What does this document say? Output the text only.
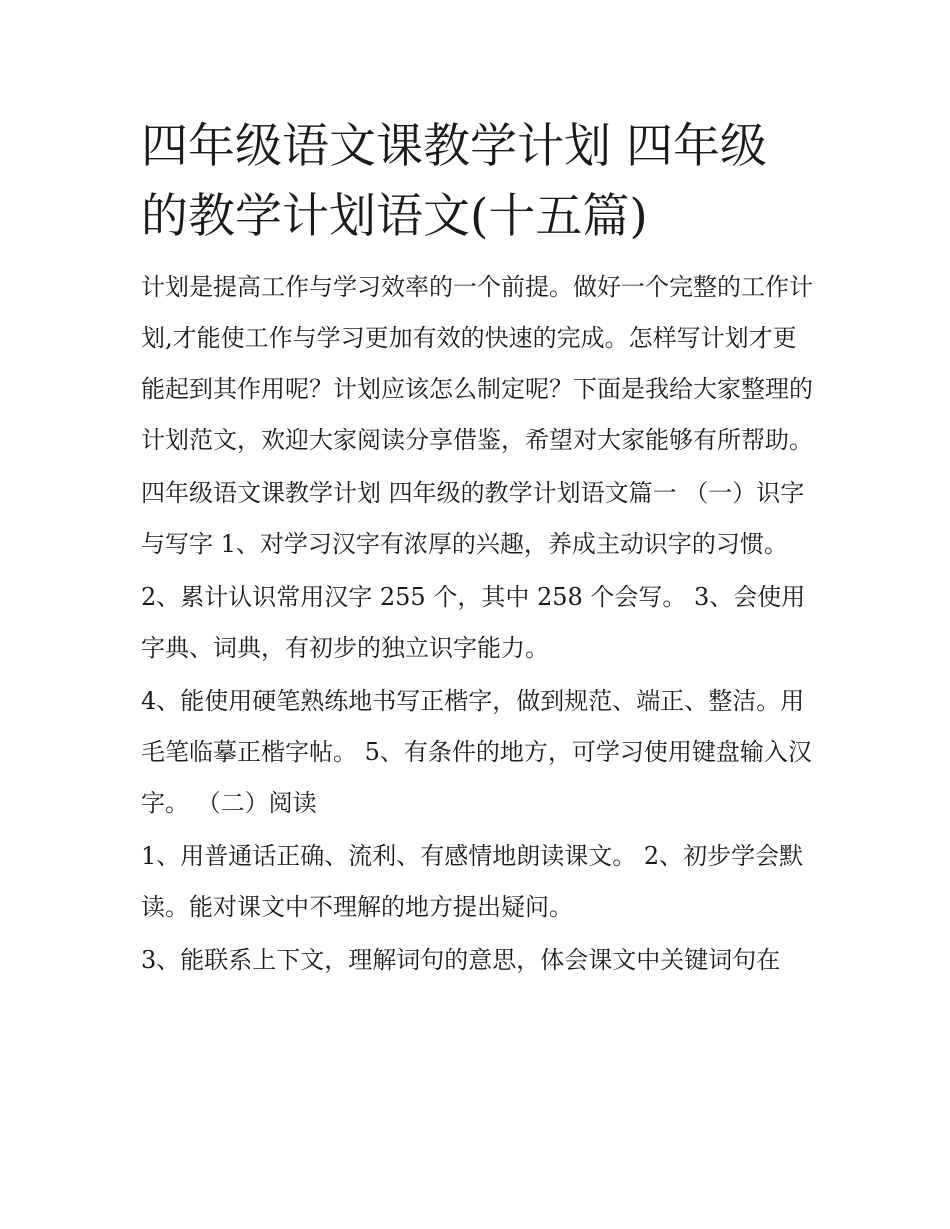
四年级语文课教学计划 四年级的教学计划语文(十五篇)

计划是提高工作与学习效率的一个前提。做好一个完整的工作计划,才能使工作与学习更加有效的快速的完成。怎样写计划才更能起到其作用呢？计划应该怎么制定呢？下面是我给大家整理的计划范文，欢迎大家阅读分享借鉴，希望对大家能够有所帮助。

四年级语文课教学计划 四年级的教学计划语文篇一 （一）识字与写字 1、对学习汉字有浓厚的兴趣，养成主动识字的习惯。

2、累计认识常用汉字 255 个，其中 258 个会写。 3、会使用字典、词典，有初步的独立识字能力。

4、能使用硬笔熟练地书写正楷字，做到规范、端正、整洁。用毛笔临摹正楷字帖。 5、有条件的地方，可学习使用键盘输入汉字。 （二）阅读

1、用普通话正确、流利、有感情地朗读课文。 2、初步学会默读。能对课文中不理解的地方提出疑问。

3、能联系上下文，理解词句的意思，体会课文中关键词句在
